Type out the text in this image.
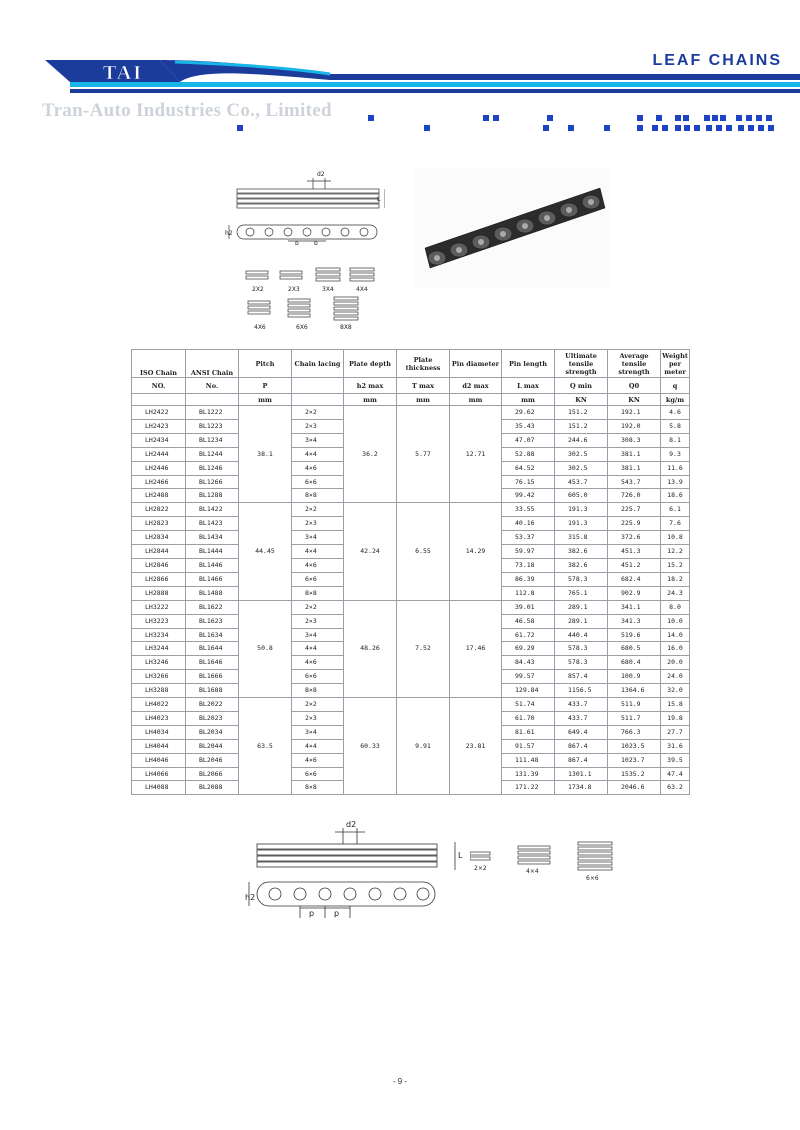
TAI
LEAF CHAINS
Tran-Auto Industries Co., Limited
d2
L
h2
p	p
2X2	2X3	3X4	4X4
4X6	6X6	8X8
ISO Chain	ANSI Chain	Pitch	Chain lacing	Plate depth	Plate thickness	Pin diameter	Pin length	Ultimate tensile strength	Average tensile strength	Weight per meter
NO.	No.	P		h2 max	T max	d2 max	L max	Q min	Q0	q
		mm		mm	mm	mm	mm	KN	KN	kg/m
LH2422	BL1222	38.1	2×2	36.2	5.77	12.71	29.62	151.2	192.1	4.6
LH2423	BL1223		2×3				35.43	151.2	192.0	5.8
LH2434	BL1234		3×4				47.07	244.6	308.3	8.1
LH2444	BL1244		4×4				52.88	302.5	381.1	9.3
LH2446	BL1246		4×6				64.52	302.5	381.1	11.6
LH2466	BL1266		6×6				76.15	453.7	543.7	13.9
LH2488	BL1288		8×8				99.42	605.0	726.0	18.6
LH2822	BL1422	44.45	2×2	42.24	6.55	14.29	33.55	191.3	225.7	6.1
LH2823	BL1423		2×3				40.16	191.3	225.9	7.6
LH2834	BL1434		3×4				53.37	315.8	372.6	10.8
LH2844	BL1444		4×4				59.97	382.6	451.3	12.2
LH2846	BL1446		4×6				73.18	382.6	451.2	15.2
LH2866	BL1466		6×6				86.39	578.3	682.4	18.2
LH2888	BL1488		8×8				112.8	765.1	902.9	24.3
LH3222	BL1622	50.8	2×2	48.26	7.52	17.46	39.01	289.1	341.1	8.0
LH3223	BL1623		2×3				46.58	289.1	341.3	10.0
LH3234	BL1634		3×4				61.72	440.4	519.6	14.0
LH3244	BL1644		4×4				69.29	578.3	680.5	16.0
LH3246	BL1646		4×6				84.43	578.3	680.4	20.0
LH3266	BL1666		6×6				99.57	857.4	100.9	24.0
LH3288	BL1688		8×8				129.84	1156.5	1364.6	32.0
LH4022	BL2022	63.5	2×2	60.33	9.91	23.81	51.74	433.7	511.9	15.8
LH4023	BL2023		2×3				61.70	433.7	511.7	19.8
LH4034	BL2034		3×4				81.61	649.4	766.3	27.7
LH4044	BL2044		4×4				91.57	867.4	1023.5	31.6
LH4046	BL2046		4×6				111.48	867.4	1023.7	39.5
LH4066	BL2066		6×6				131.39	1301.1	1535.2	47.4
LH4088	BL2088		8×8				171.22	1734.8	2046.6	63.2
d2
L
h2
p p
2×2	4×4
6×6
- 9 -
